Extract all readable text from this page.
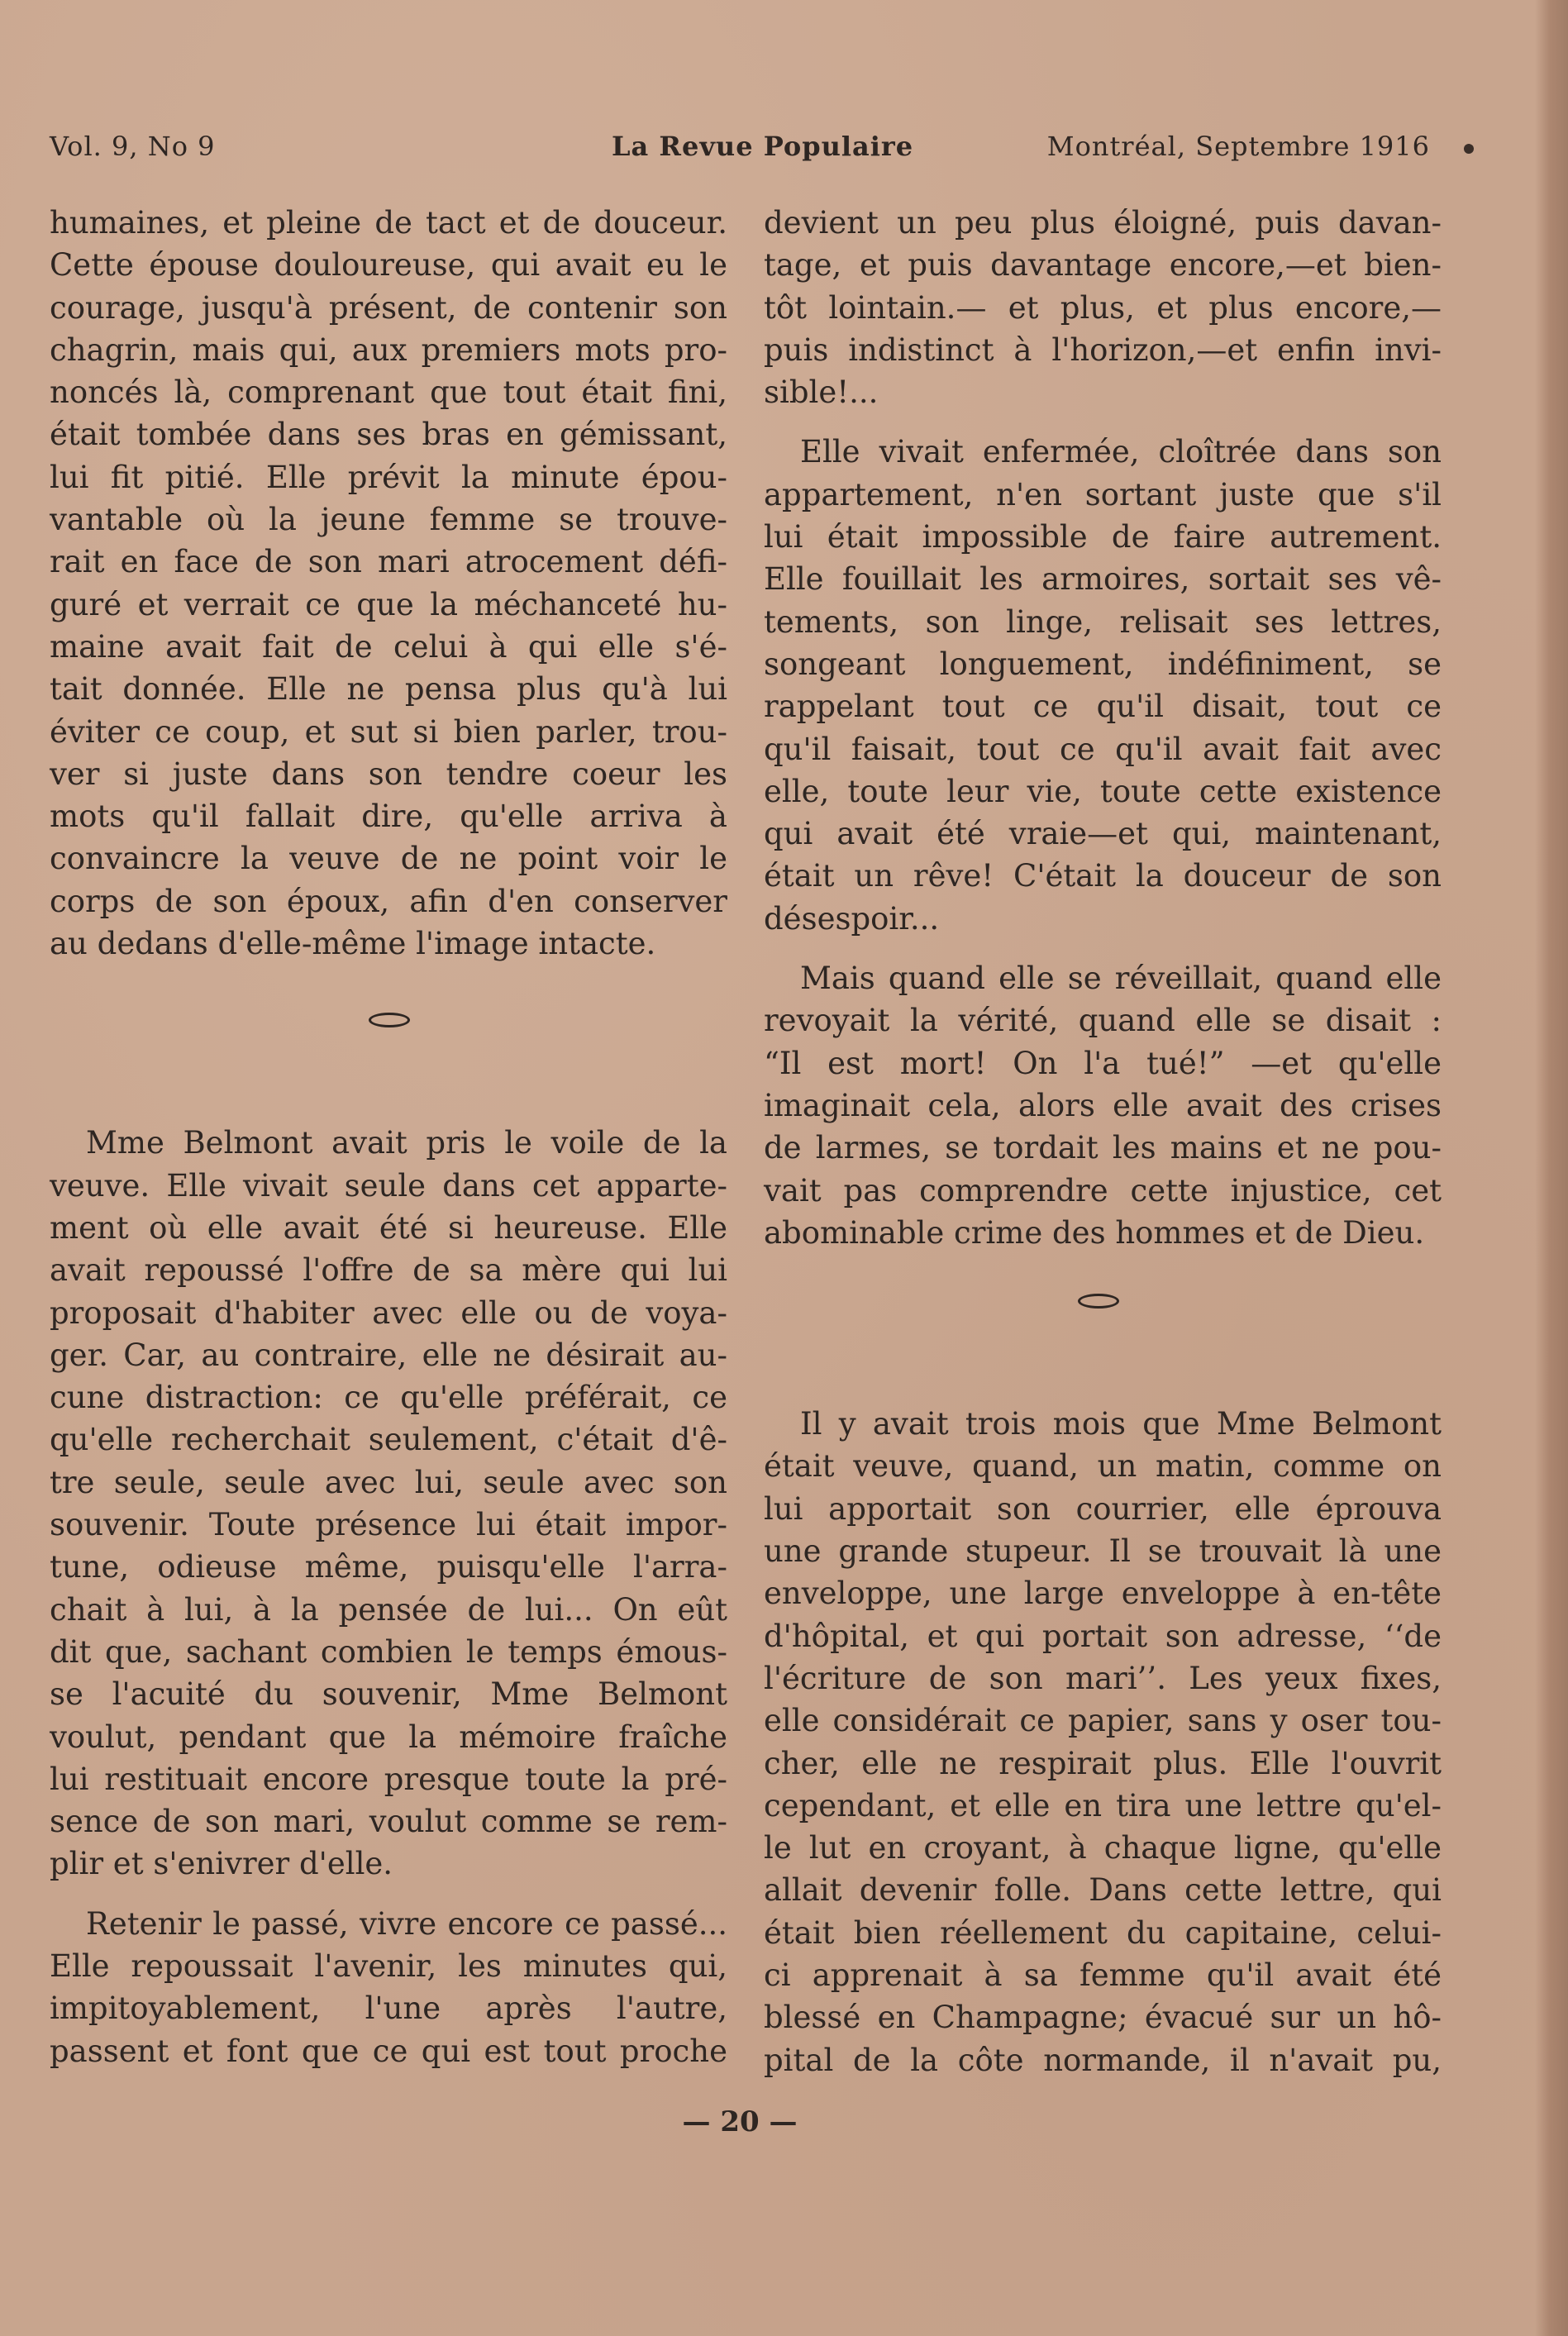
Vol. 9, No 9	La Revue Populaire	Montréal, Septembre 1916
humaines, et pleine de tact et de douceur.
Cette épouse douloureuse, qui avait eu le
courage, jusqu'à présent, de contenir son
chagrin, mais qui, aux premiers mots pro-
noncés là, comprenant que tout était fini,
était tombée dans ses bras en gémissant,
lui fit pitié. Elle prévit la minute épou-
vantable où la jeune femme se trouve-
rait en face de son mari atrocement défi-
guré et verrait ce que la méchanceté hu-
maine avait fait de celui à qui elle s'é-
tait donnée. Elle ne pensa plus qu'à lui
éviter ce coup, et sut si bien parler, trou-
ver si juste dans son tendre coeur les
mots qu'il fallait dire, qu'elle arriva à
convaincre la veuve de ne point voir le
corps de son époux, afin d'en conserver
au dedans d'elle-même l'image intacte.
Mme Belmont avait pris le voile de la
veuve. Elle vivait seule dans cet apparte-
ment où elle avait été si heureuse. Elle
avait repoussé l'offre de sa mère qui lui
proposait d'habiter avec elle ou de voya-
ger. Car, au contraire, elle ne désirait au-
cune distraction: ce qu'elle préférait, ce
qu'elle recherchait seulement, c'était d'ê-
tre seule, seule avec lui, seule avec son
souvenir. Toute présence lui était impor-
tune, odieuse même, puisqu'elle l'arra-
chait à lui, à la pensée de lui... On eût
dit que, sachant combien le temps émous-
se l'acuité du souvenir, Mme Belmont
voulut, pendant que la mémoire fraîche
lui restituait encore presque toute la pré-
sence de son mari, voulut comme se rem-
plir et s'enivrer d'elle.
Retenir le passé, vivre encore ce passé...
Elle repoussait l'avenir, les minutes qui,
impitoyablement, l'une après l'autre,
passent et font que ce qui est tout proche
devient un peu plus éloigné, puis davan-
tage, et puis davantage encore,—et bien-
tôt lointain.— et plus, et plus encore,—
puis indistinct à l'horizon,—et enfin invi-
sible!...
Elle vivait enfermée, cloîtrée dans son
appartement, n'en sortant juste que s'il
lui était impossible de faire autrement.
Elle fouillait les armoires, sortait ses vê-
tements, son linge, relisait ses lettres,
songeant longuement, indéfiniment, se
rappelant tout ce qu'il disait, tout ce
qu'il faisait, tout ce qu'il avait fait avec
elle, toute leur vie, toute cette existence
qui avait été vraie—et qui, maintenant,
était un rêve! C'était la douceur de son
désespoir...
Mais quand elle se réveillait, quand elle
revoyait la vérité, quand elle se disait :
“Il est mort! On l'a tué!” —et qu'elle
imaginait cela, alors elle avait des crises
de larmes, se tordait les mains et ne pou-
vait pas comprendre cette injustice, cet
abominable crime des hommes et de Dieu.
Il y avait trois mois que Mme Belmont
était veuve, quand, un matin, comme on
lui apportait son courrier, elle éprouva
une grande stupeur. Il se trouvait là une
enveloppe, une large enveloppe à en-tête
d'hôpital, et qui portait son adresse, ‘‘de
l'écriture de son mari’’. Les yeux fixes,
elle considérait ce papier, sans y oser tou-
cher, elle ne respirait plus. Elle l'ouvrit
cependant, et elle en tira une lettre qu'el-
le lut en croyant, à chaque ligne, qu'elle
allait devenir folle. Dans cette lettre, qui
était bien réellement du capitaine, celui-
ci apprenait à sa femme qu'il avait été
blessé en Champagne; évacué sur un hô-
pital de la côte normande, il n'avait pu,
— 20 —
